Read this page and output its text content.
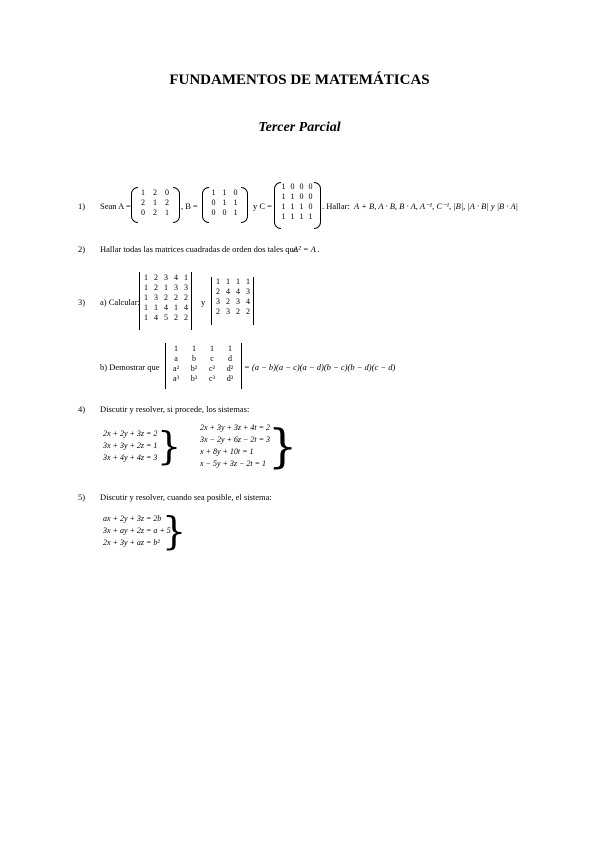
FUNDAMENTOS DE MATEMÁTICAS
Tercer Parcial
1) Sean A =
1	2	0
2	1	2
0	2	1
, B =
1 1 0
0 1 1
0 0 1
y C =
1 0 0 0
1 1 0 0
1 1 1 0
1 1 1 1
. Hallar: A + B, A · B, B · A, A⁻¹, C⁻¹, |B|, |A · B| y |B · A|
2) Hallar todas las matrices cuadradas de orden dos tales que
A² = A .
3) a) Calcular:
1 2 3 4 1
1 2 1 3 3
1 3 2 2 2
1 1 4 1 4
1 4 5 2 2
y
1 1 1 1
2 4 4 3
3 2 3 4
2 3 2 2
b) Demostrar que
1	1	1	1
a	b	c	d
a²	b²	c²	d²
a³	b³	c³	d³
= (a − b)(a − c)(a − d)(b − c)(b − d)(c − d)
4) Discutir y resolver, si procede, los sistemas:
2x + 2y + 3z = 2
3x + 3y + 2z = 1
3x + 4y + 4z = 3 } 2x + 3y + 3z + 4t = 2
3x − 2y + 6z − 2t = 3
x + 8y + 10t = 1
x − 5y + 3z − 2t = 1 }
5) Discutir y resolver, cuando sea posible, el sistema:
ax + 2y + 3z = 2b
3x + ay + 2z = a + 5
2x + 3y + az = b² }
